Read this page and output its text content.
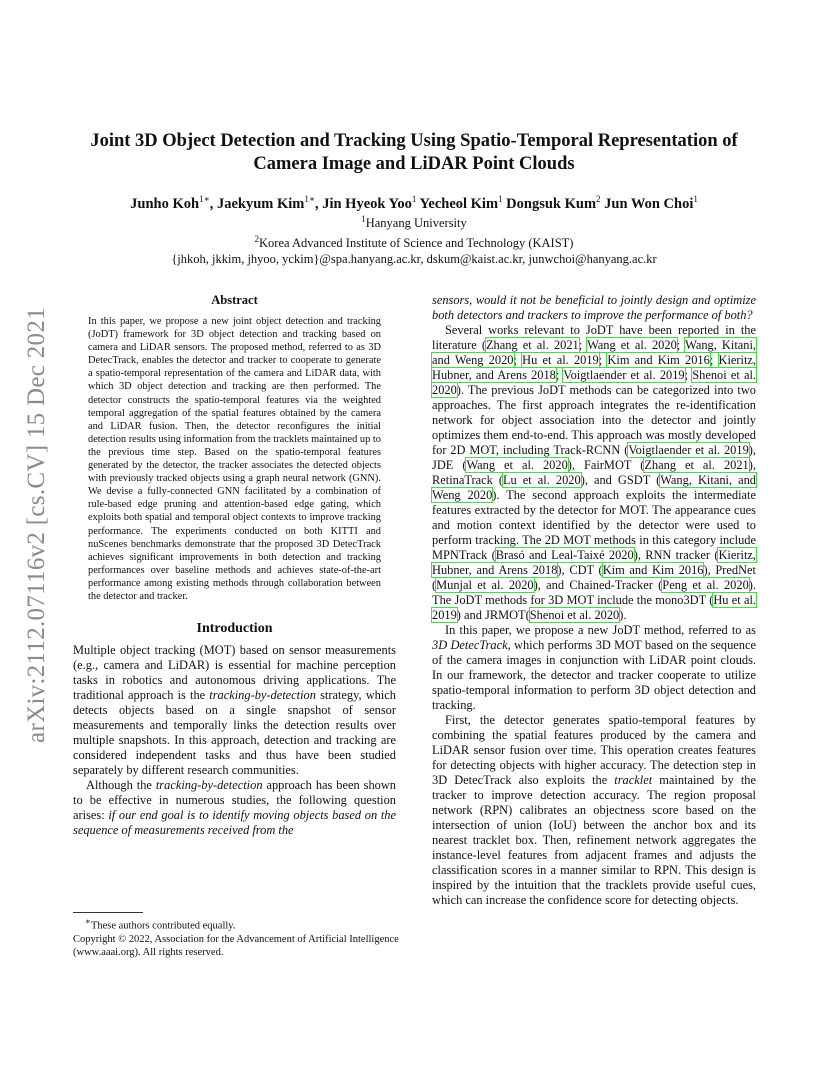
arXiv:2112.07116v2 [cs.CV] 15 Dec 2021
Joint 3D Object Detection and Tracking Using Spatio-Temporal Representation of
Camera Image and LiDAR Point Clouds
Junho Koh$^{1∗}$, Jaekyum Kim$^{1∗}$, Jin Hyeok Yoo$^1$ Yecheol Kim$^1$ Dongsuk Kum$^2$ Jun Won Choi$^1$
$^1$Hanyang University
$^2$Korea Advanced Institute of Science and Technology (KAIST)
{jhkoh, jkkim, jhyoo, yckim}@spa.hanyang.ac.kr, dskum@kaist.ac.kr, junwchoi@hanyang.ac.kr
Abstract

In this paper, we propose a new joint object detection and tracking (JoDT) framework for 3D object detection and tracking based on camera and LiDAR sensors. The proposed method, referred to as 3D DetecTrack, enables the detector and tracker to cooperate to generate a spatio-temporal representation of the camera and LiDAR data, with which 3D object detection and tracking are then performed. The detector constructs the spatio-temporal features via the weighted temporal aggregation of the spatial features obtained by the camera and LiDAR fusion. Then, the detector reconfigures the initial detection results using information from the tracklets maintained up to the previous time step. Based on the spatio-temporal features generated by the detector, the tracker associates the detected objects with previously tracked objects using a graph neural network (GNN). We devise a fully-connected GNN facilitated by a combination of rule-based edge pruning and attention-based edge gating, which exploits both spatial and temporal object contexts to improve tracking performance. The experiments conducted on both KITTI and nuScenes benchmarks demonstrate that the proposed 3D DetecTrack achieves significant improvements in both detection and tracking performances over baseline methods and achieves state-of-the-art performance among existing methods through collaboration between the detector and tracker.

Introduction

Multiple object tracking (MOT) based on sensor measurements (e.g., camera and LiDAR) is essential for machine perception tasks in robotics and autonomous driving applications. The traditional approach is the tracking-by-detection strategy, which detects objects based on a single snapshot of sensor measurements and temporally links the detection results over multiple snapshots. In this approach, detection and tracking are considered independent tasks and thus have been studied separately by different research communities.

Although the tracking-by-detection approach has been shown to be effective in numerous studies, the following question arises: if our end goal is to identify moving objects based on the sequence of measurements received from the

sensors, would it not be beneficial to jointly design and optimize both detectors and trackers to improve the performance of both?

Several works relevant to JoDT have been reported in the literature (Zhang et al. 2021; Wang et al. 2020; Wang, Kitani, and Weng 2020; Hu et al. 2019; Kim and Kim 2016; Kieritz, Hubner, and Arens 2018; Voigtlaender et al. 2019; Shenoi et al. 2020). The previous JoDT methods can be categorized into two approaches. The first approach integrates the re-identification network for object association into the detector and jointly optimizes them end-to-end. This approach was mostly developed for 2D MOT, including Track-RCNN (Voigtlaender et al. 2019), JDE (Wang et al. 2020), FairMOT (Zhang et al. 2021), RetinaTrack (Lu et al. 2020), and GSDT (Wang, Kitani, and Weng 2020). The second approach exploits the intermediate features extracted by the detector for MOT. The appearance cues and motion context identified by the detector were used to perform tracking. The 2D MOT methods in this category include MPNTrack (Brasó and Leal-Taixé 2020), RNN tracker (Kieritz, Hubner, and Arens 2018), CDT (Kim and Kim 2016), PredNet (Munjal et al. 2020), and Chained-Tracker (Peng et al. 2020). The JoDT methods for 3D MOT include the mono3DT (Hu et al. 2019) and JRMOT(Shenoi et al. 2020).

In this paper, we propose a new JoDT method, referred to as 3D DetecTrack, which performs 3D MOT based on the sequence of the camera images in conjunction with LiDAR point clouds. In our framework, the detector and tracker cooperate to utilize spatio-temporal information to perform 3D object detection and tracking.

First, the detector generates spatio-temporal features by combining the spatial features produced by the camera and LiDAR sensor fusion over time. This operation creates features for detecting objects with higher accuracy. The detection step in 3D DetecTrack also exploits the tracklet maintained by the tracker to improve detection accuracy. The region proposal network (RPN) calibrates an objectness score based on the intersection of union (IoU) between the anchor box and its nearest tracklet box. Then, refinement network aggregates the instance-level features from adjacent frames and adjusts the classification scores in a manner similar to RPN. This design is inspired by the intuition that the tracklets provide useful cues, which can increase the confidence score for detecting objects.

∗These authors contributed equally.
Copyright © 2022, Association for the Advancement of Artificial Intelligence (www.aaai.org). All rights reserved.
